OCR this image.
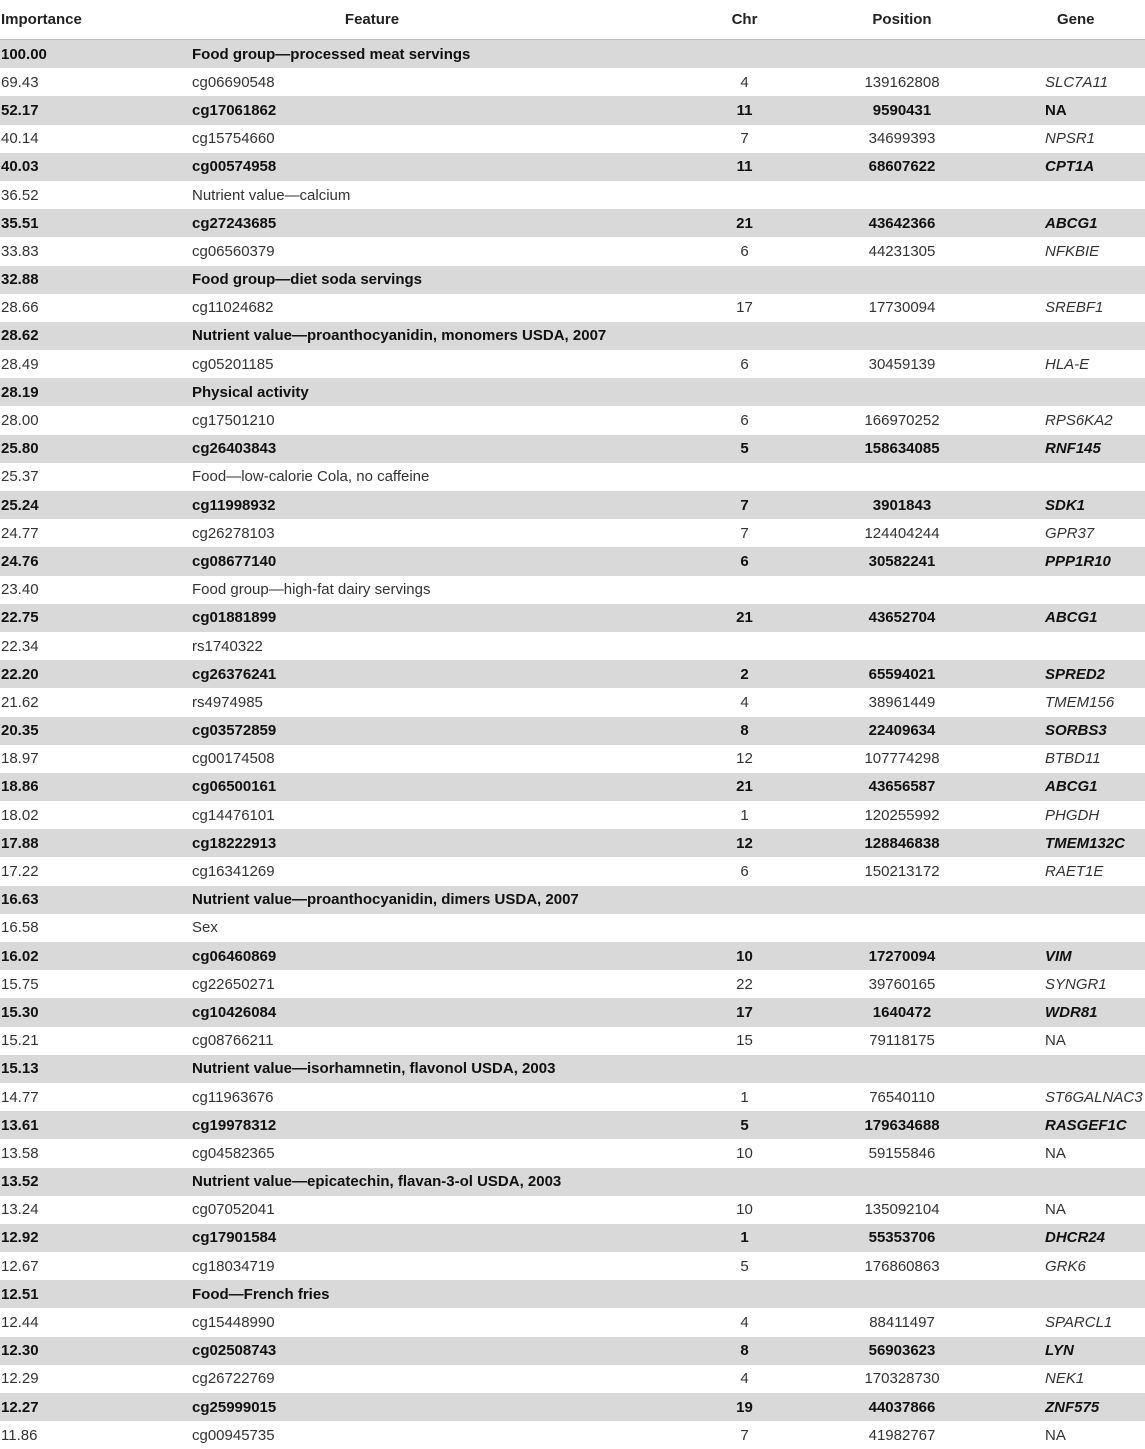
Importance	Feature	Chr	Position	Gene
100.00	Food group—processed meat servings
69.43	cg06690548	4	139162808	SLC7A11
52.17	cg17061862	11	9590431	NA
40.14	cg15754660	7	34699393	NPSR1
40.03	cg00574958	11	68607622	CPT1A
36.52	Nutrient value—calcium
35.51	cg27243685	21	43642366	ABCG1
33.83	cg06560379	6	44231305	NFKBIE
32.88	Food group—diet soda servings
28.66	cg11024682	17	17730094	SREBF1
28.62	Nutrient value—proanthocyanidin, monomers USDA, 2007
28.49	cg05201185	6	30459139	HLA-E
28.19	Physical activity
28.00	cg17501210	6	166970252	RPS6KA2
25.80	cg26403843	5	158634085	RNF145
25.37	Food—low-calorie Cola, no caffeine
25.24	cg11998932	7	3901843	SDK1
24.77	cg26278103	7	124404244	GPR37
24.76	cg08677140	6	30582241	PPP1R10
23.40	Food group—high-fat dairy servings
22.75	cg01881899	21	43652704	ABCG1
22.34	rs1740322
22.20	cg26376241	2	65594021	SPRED2
21.62	rs4974985	4	38961449	TMEM156
20.35	cg03572859	8	22409634	SORBS3
18.97	cg00174508	12	107774298	BTBD11
18.86	cg06500161	21	43656587	ABCG1
18.02	cg14476101	1	120255992	PHGDH
17.88	cg18222913	12	128846838	TMEM132C
17.22	cg16341269	6	150213172	RAET1E
16.63	Nutrient value—proanthocyanidin, dimers USDA, 2007
16.58	Sex
16.02	cg06460869	10	17270094	VIM
15.75	cg22650271	22	39760165	SYNGR1
15.30	cg10426084	17	1640472	WDR81
15.21	cg08766211	15	79118175	NA
15.13	Nutrient value—isorhamnetin, flavonol USDA, 2003
14.77	cg11963676	1	76540110	ST6GALNAC3
13.61	cg19978312	5	179634688	RASGEF1C
13.58	cg04582365	10	59155846	NA
13.52	Nutrient value—epicatechin, flavan-3-ol USDA, 2003
13.24	cg07052041	10	135092104	NA
12.92	cg17901584	1	55353706	DHCR24
12.67	cg18034719	5	176860863	GRK6
12.51	Food—French fries
12.44	cg15448990	4	88411497	SPARCL1
12.30	cg02508743	8	56903623	LYN
12.29	cg26722769	4	170328730	NEK1
12.27	cg25999015	19	44037866	ZNF575
11.86	cg00945735	7	41982767	NA
